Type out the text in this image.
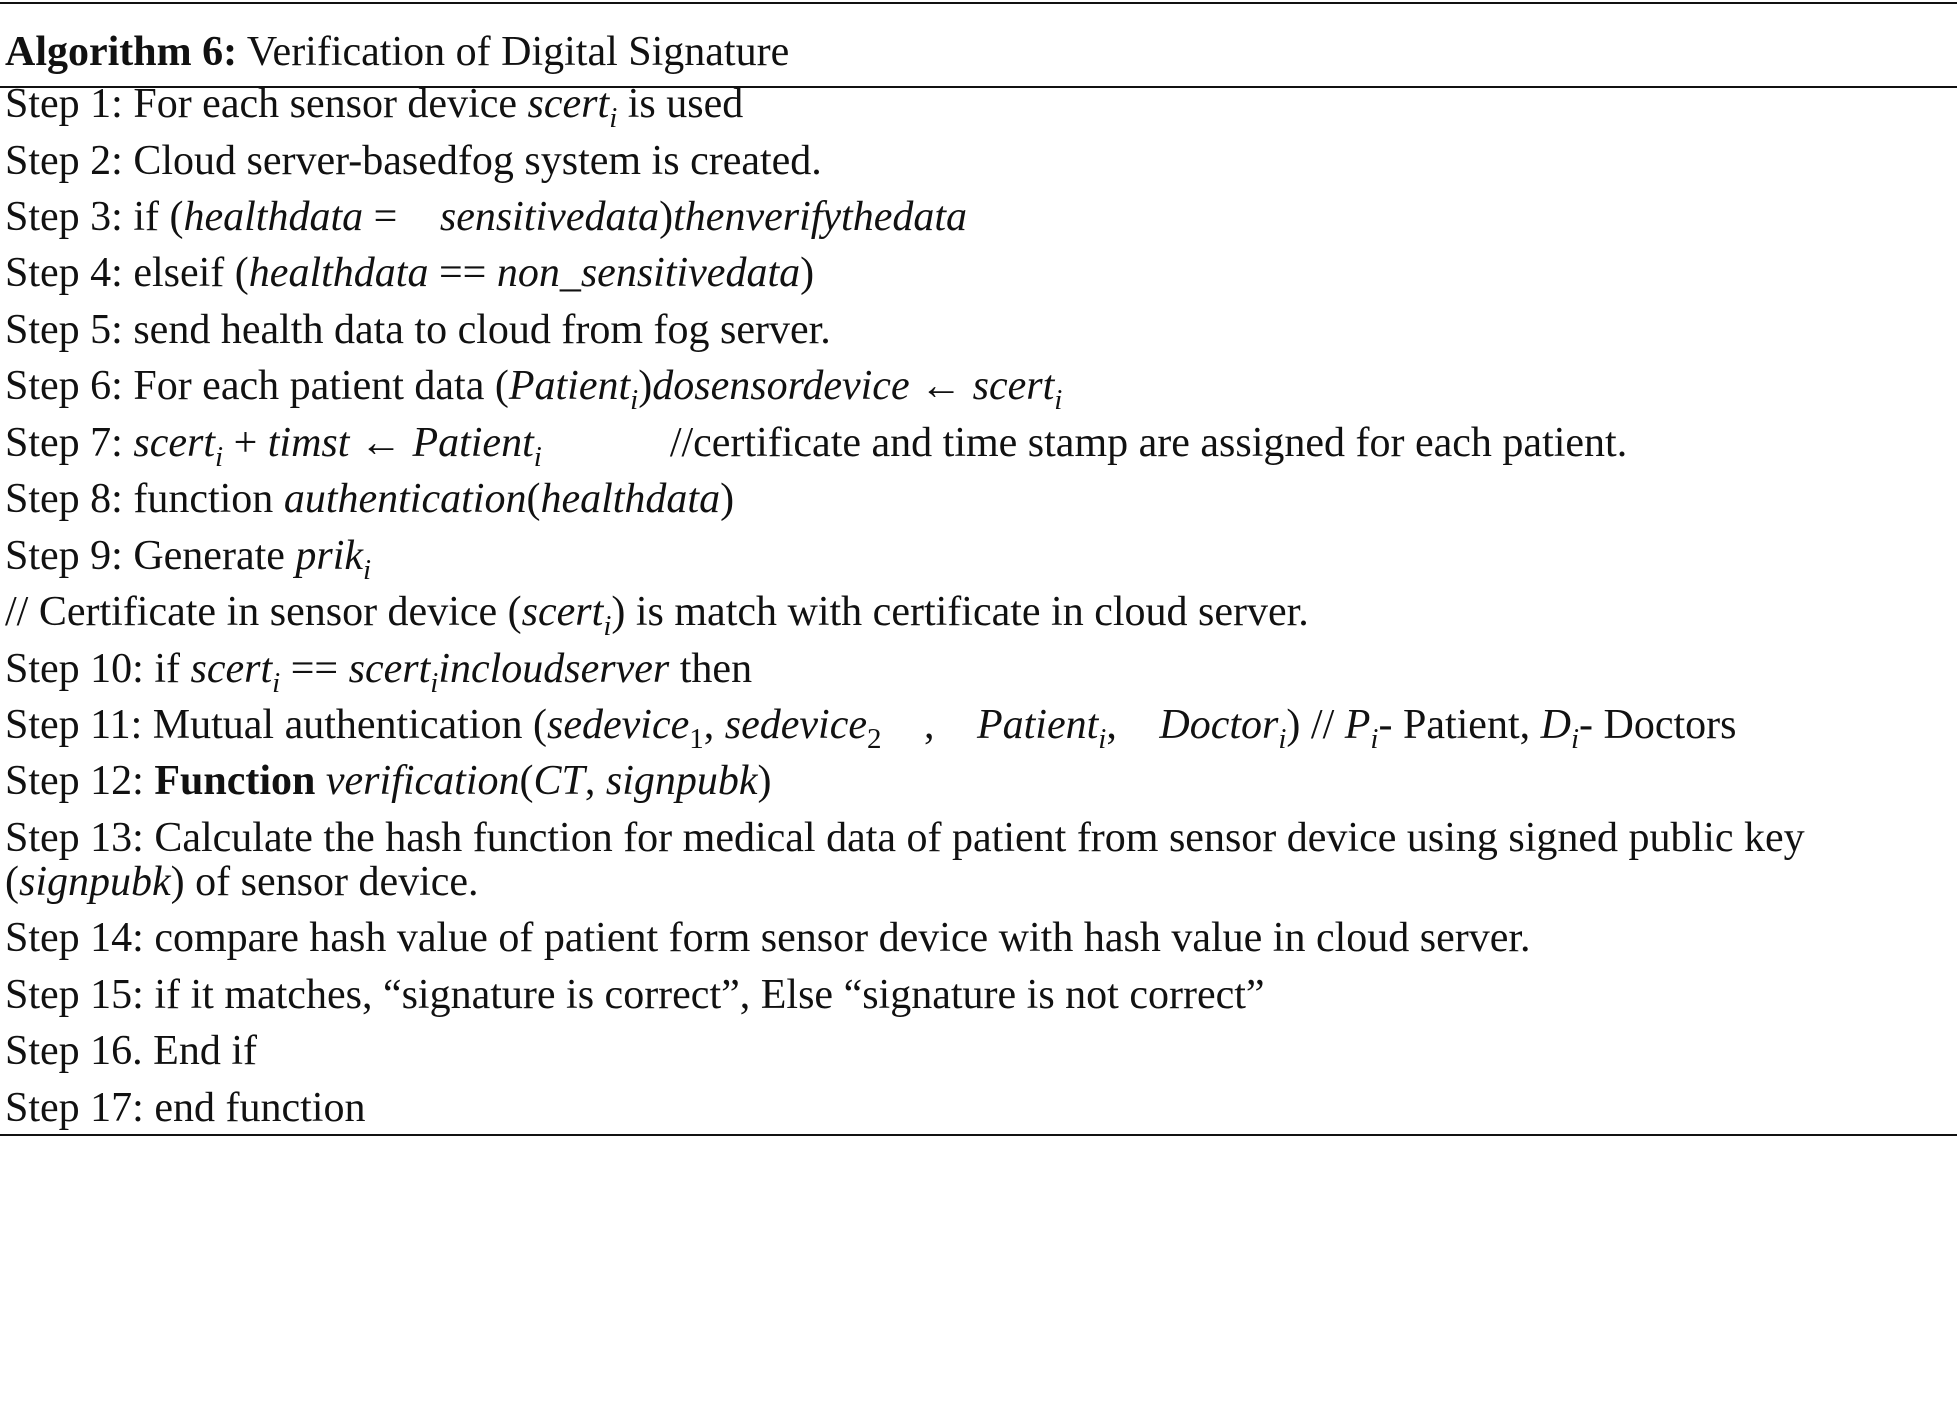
Algorithm 6: Verification of Digital Signature
Step 1: For each sensor device scert$_i$ is used
Step 2: Cloud server-basedfog system is created.
Step 3: if (healthdata = sensitivedata)thenverifythedata
Step 4: elseif (healthdata == non_sensitivedata)
Step 5: send health data to cloud from fog server.
Step 6: For each patient data (Patient$_i$)dosensordevice ← scert$_i$
Step 7: scert$_i$ + timst ← Patient$_i$	//certificate and time stamp are assigned for each patient.
Step 8: function authentication(healthdata)
Step 9: Generate prik$_i$
// Certificate in sensor device (scert$_i$) is match with certificate in cloud server.
Step 10: if scert$_i$ == scert$_i$incloudserver then
Step 11: Mutual authentication (sedevice$_1$, sedevice$_2$ , Patient$_i$, Doctor$_i$) // $P_i-$ Patient, $D_i-$ Doctors
Step 12: Function verification(CT, signpubk)
Step 13: Calculate the hash function for medical data of patient from sensor device using signed public key
(signpubk) of sensor device.
Step 14: compare hash value of patient form sensor device with hash value in cloud server.
Step 15: if it matches, “signature is correct”, Else “signature is not correct”
Step 16. End if
Step 17: end function
